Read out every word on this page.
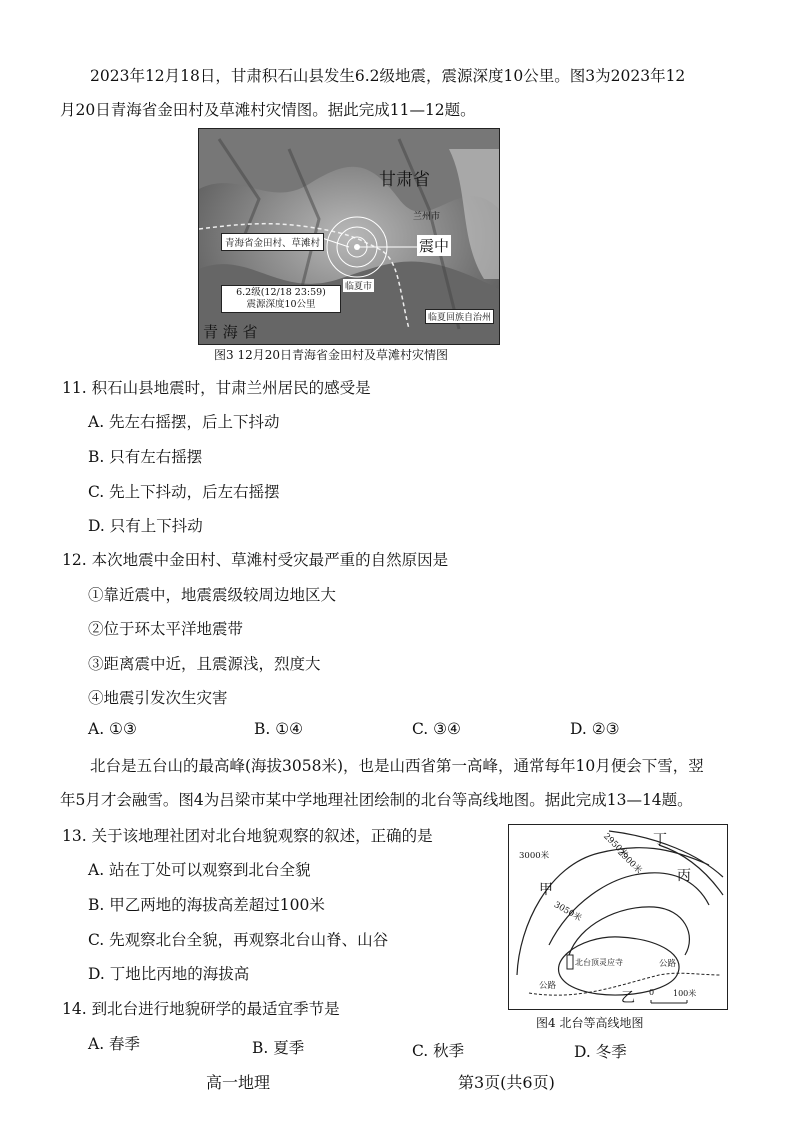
2023年12月18日，甘肃积石山县发生6.2级地震，震源深度10公里。图3为2023年12
月20日青海省金田村及草滩村灾情图。据此完成11—12题。
甘肃省
青 海 省
青海省金田村、草滩村
6.2级(12/18 23:59)
震源深度10公里
震中
临夏市
临夏回族自治州
兰州市
图3 12月20日青海省金田村及草滩村灾情图
11. 积石山县地震时，甘肃兰州居民的感受是
A. 先左右摇摆，后上下抖动
B. 只有左右摇摆
C. 先上下抖动，后左右摇摆
D. 只有上下抖动
12. 本次地震中金田村、草滩村受灾最严重的自然原因是
①靠近震中，地震震级较周边地区大
②位于环太平洋地震带
③距离震中近，且震源浅，烈度大
④地震引发次生灾害
A. ①③	B. ①④	C. ③④	D. ②③
北台是五台山的最高峰(海拔3058米)，也是山西省第一高峰，通常每年10月便会下雪，翌
年5月才会融雪。图4为吕梁市某中学地理社团绘制的北台等高线地图。据此完成13—14题。
13. 关于该地理社团对北台地貌观察的叙述，正确的是
A. 站在丁处可以观察到北台全貌
B. 甲乙两地的海拔高差超过100米
C. 先观察北台全貌，再观察北台山脊、山谷
D. 丁地比丙地的海拔高
14. 到北台进行地貌研学的最适宜季节是
A. 春季	B. 夏季	C. 秋季	D. 冬季
3000米	2950米
2900米
3050米
甲
乙
丙
丁
北台顶灵应寺
公路
公路
0 100米
图4 北台等高线地图
高一地理	第3页(共6页)
